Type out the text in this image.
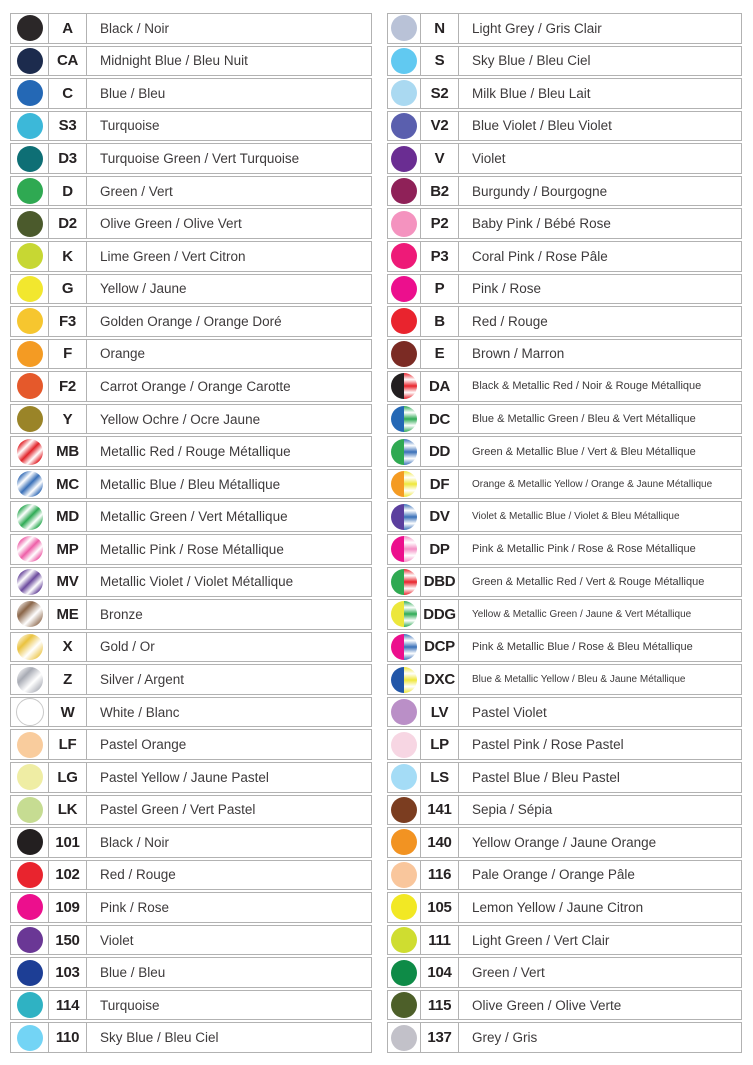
A	Black / Noir
CA	Midnight Blue / Bleu Nuit
C	Blue / Bleu
S3	Turquoise
D3	Turquoise Green / Vert Turquoise
D	Green / Vert
D2	Olive Green / Olive Vert
K	Lime Green / Vert Citron
G	Yellow / Jaune
F3	Golden Orange / Orange Doré
F	Orange
F2	Carrot Orange / Orange Carotte
Y	Yellow Ochre / Ocre Jaune
MB	Metallic Red / Rouge Métallique
MC	Metallic Blue / Bleu Métallique
MD	Metallic Green / Vert Métallique
MP	Metallic Pink / Rose Métallique
MV	Metallic Violet / Violet Métallique
ME	Bronze
X	Gold / Or
Z	Silver / Argent
W	White / Blanc
LF	Pastel Orange
LG	Pastel Yellow / Jaune Pastel
LK	Pastel Green / Vert Pastel
101	Black / Noir
102	Red / Rouge
109	Pink / Rose
150	Violet
103	Blue / Bleu
114	Turquoise
110	Sky Blue / Bleu Ciel
N	Light Grey / Gris Clair
S	Sky Blue / Bleu Ciel
S2	Milk Blue / Bleu Lait
V2	Blue Violet / Bleu Violet
V	Violet
B2	Burgundy / Bourgogne
P2	Baby Pink / Bébé Rose
P3	Coral Pink / Rose Pâle
P	Pink / Rose
B	Red / Rouge
E	Brown / Marron
DA	Black & Metallic Red / Noir & Rouge Métallique
DC	Blue & Metallic Green / Bleu & Vert Métallique
DD	Green & Metallic Blue / Vert & Bleu Métallique
DF	Orange & Metallic Yellow / Orange & Jaune Métallique
DV	Violet & Metallic Blue / Violet & Bleu Métallique
DP	Pink & Metallic Pink / Rose & Rose Métallique
DBD	Green & Metallic Red / Vert & Rouge Métallique
DDG	Yellow & Metallic Green / Jaune & Vert Métallique
DCP	Pink & Metallic Blue / Rose & Bleu Métallique
DXC	Blue & Metallic Yellow / Bleu & Jaune Métallique
LV	Pastel Violet
LP	Pastel Pink / Rose Pastel
LS	Pastel Blue / Bleu Pastel
141	Sepia / Sépia
140	Yellow Orange / Jaune Orange
116	Pale Orange / Orange Pâle
105	Lemon Yellow / Jaune Citron
111	Light Green / Vert Clair
104	Green / Vert
115	Olive Green / Olive Verte
137	Grey / Gris
